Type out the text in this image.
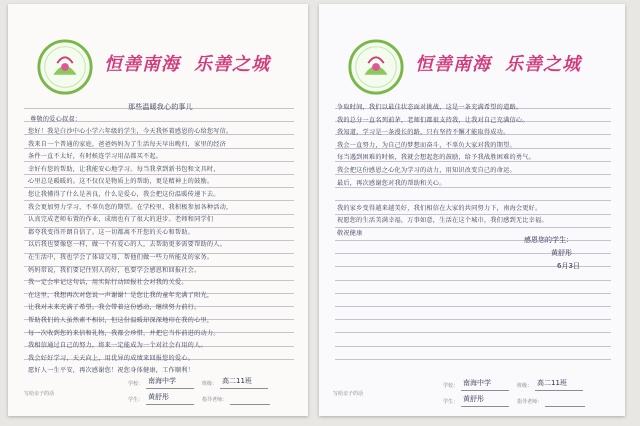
恒善南海 乐善之城
那些温暖我心的事儿
尊敬的爱心叔叔：
您好！我是白沙中心小学六年级的学生，今天我怀着感恩的心给您写信。
我来自一个普通的家庭，爸爸妈妈为了生活每天早出晚归，家里的经济
条件一直不太好，有时候连学习用品都买不起。
幸好有您的帮助，让我能安心地学习。每当我拿到新书包和文具时，
心里总是暖暖的。这不仅仅是物质上的帮助，更是精神上的鼓励。
您让我懂得了什么是善良，什么是爱心，我会把这份温暖传递下去。
我会更加努力学习，不辜负您的期望。在学校里，我积极参加各种活动，
认真完成老师布置的作业，成绩也有了很大的进步。老师和同学们
都夸我变得开朗自信了。这一切都离不开您的关心和帮助。
以后我也要像您一样，做一个有爱心的人，去帮助更多需要帮助的人。
在生活中，我也学会了体谅父母，帮他们做一些力所能及的家务。
妈妈常说，我们要记住别人的好，也要学会感恩和回报社会。
我一定会牢记这句话，用实际行动回报社会对我的关爱。
在这里，我想再次对您说一声谢谢！是您让我的童年充满了阳光，
让我对未来充满了希望。我会带着这份感动，继续努力前行。
帮助我们的人虽然素不相识，但这份温暖却深深地印在我的心里，
每一次收到您的来信和礼物，我都会珍惜，并把它当作前进的动力。
我相信通过自己的努力，将来一定能成为一个对社会有用的人。
我会好好学习，天天向上，用优异的成绩来回报您的爱心。
愿好人一生平安，再次感谢您！祝您身体健康，工作顺利！
写给亲子的话
学校： 南海中学	班级： 高二11班
学生： 黄舒彤	指导老师：
恒善南海 乐善之城
争取时间，我们以最佳状态面对挑战，这是一条充满希望的道路。
我的总分一直名列前茅，老师们都很支持我，让我对自己充满信心。
我知道，学习是一条漫长的路，只有坚持不懈才能取得成功。
我会一直努力，为自己的梦想而奋斗，不辜负大家对我的期望。
每当遇到困难的时候，我就会想起您的鼓励，给予我战胜困难的勇气。
我会把这份感恩之心化为学习的动力，用知识改变自己的命运。
最后，再次感谢您对我的帮助和关心。
我的家乡变得越来越美好，我们相信在大家的共同努力下，南海会更好。
祝愿您的生活美满幸福，万事如意，生活在这个城市，我们感到无比幸福。
敬祝健康
感恩您的学生：
黄舒彤
6月3日
写给亲子的话
学校： 南海中学	班级： 高二11班
学生： 黄舒彤	指导老师：
